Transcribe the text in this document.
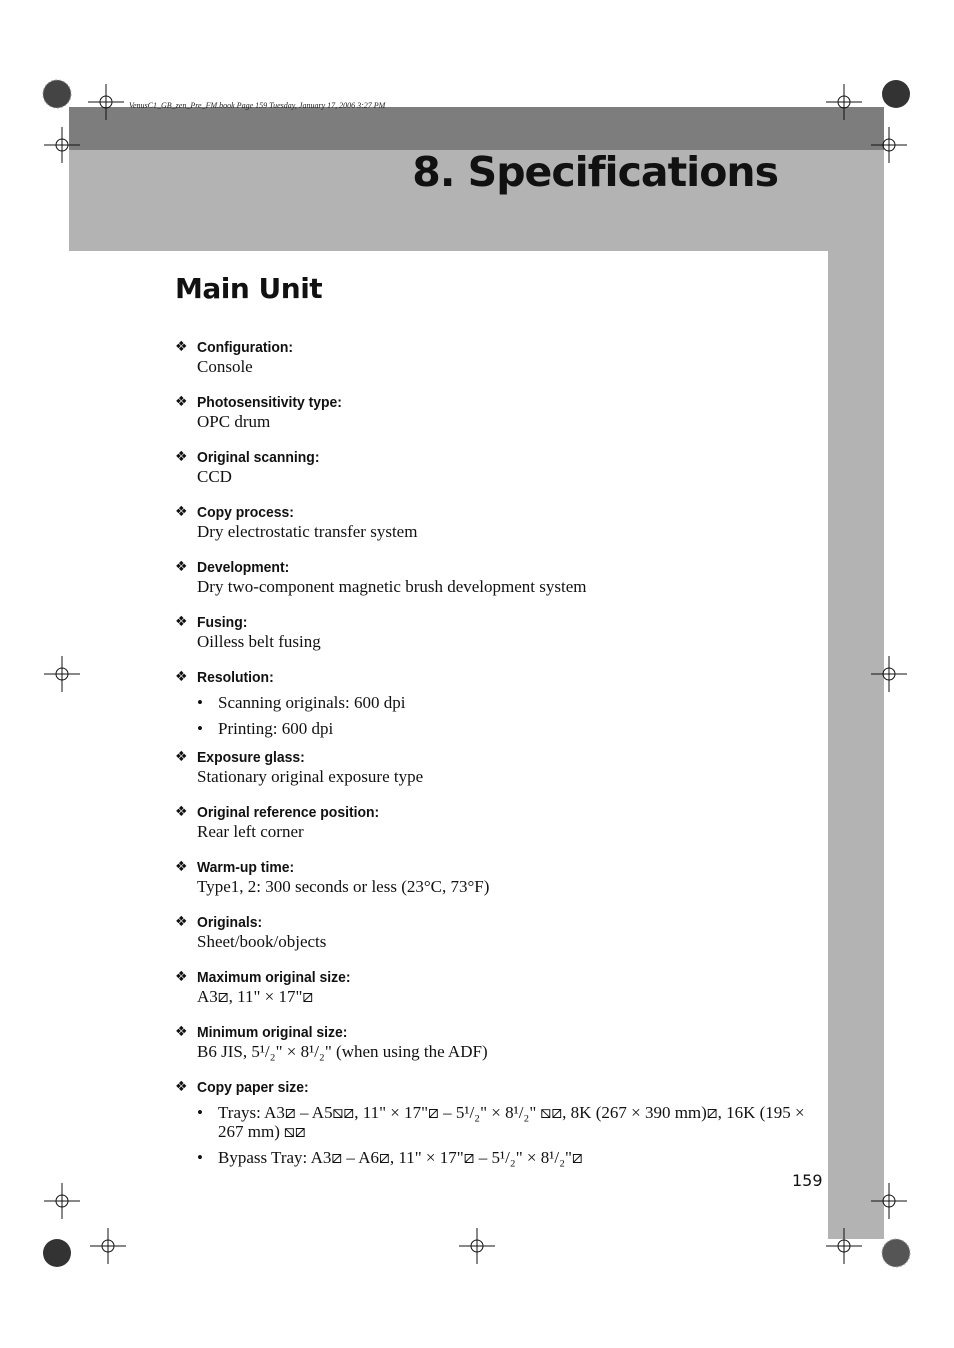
VenusC1_GB_zen_Pre_FM.book Page 159 Tuesday, January 17, 2006 3:27 PM
8. Specifications
Main Unit
❖ Configuration:
Console
❖ Photosensitivity type:
OPC drum
❖ Original scanning:
CCD
❖ Copy process:
Dry electrostatic transfer system
❖ Development:
Dry two-component magnetic brush development system
❖ Fusing:
Oilless belt fusing
❖ Resolution:
• Scanning originals: 600 dpi
• Printing: 600 dpi
❖ Exposure glass:
Stationary original exposure type
❖ Original reference position:
Rear left corner
❖ Warm-up time:
Type1, 2: 300 seconds or less (23°C, 73°F)
❖ Originals:
Sheet/book/objects
❖ Maximum original size:
A3⧄, 11" × 17"⧄
❖ Minimum original size:
B6 JIS, 5¹/₂" × 8¹/₂" (when using the ADF)
❖ Copy paper size:
• Trays: A3⧄ – A5⧅⧄, 11" × 17"⧄ – 5¹/₂" × 8¹/₂" ⧅⧄, 8K (267 × 390 mm)⧄, 16K (195 × 267 mm) ⧅⧄
• Bypass Tray: A3⧄ – A6⧄, 11" × 17"⧄ – 5¹/₂" × 8¹/₂"⧄
159
